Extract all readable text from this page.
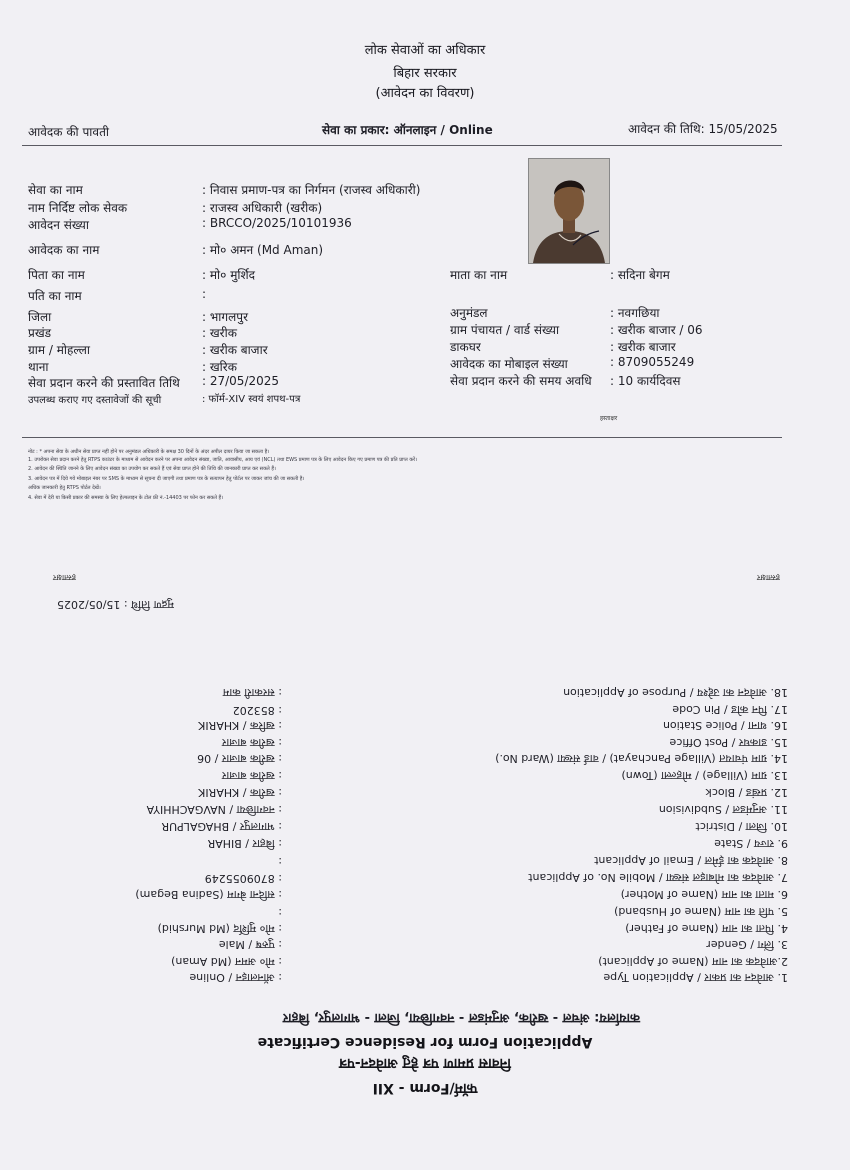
लोक सेवाओं का अधिकार
बिहार सरकार
(आवेदन का विवरण)
आवेदक की पावती	सेवा का प्रकार: ऑनलाइन / Online	आवेदन की तिथि: 15/05/2025
हस्ताक्षर
सेवा का नाम	: निवास प्रमाण-पत्र का निर्गमन (राजस्व अधिकारी)
नाम निर्दिष्ट लोक सेवक	: राजस्व अधिकारी (खरीक)
आवेदन संख्या	: BRCCO/2025/10101936
आवेदक का नाम	: मो० अमन (Md Aman)
पिता का नाम	: मो० मुर्शिद
पति का नाम	:
जिला	: भागलपुर
प्रखंड	: खरीक
ग्राम / मोहल्ला	: खरीक बाजार
थाना	: खरिक
सेवा प्रदान करने की प्रस्तावित तिथि : 27/05/2025
उपलब्ध कराए गए दस्तावेजों की सूची	: फॉर्म-XIV स्वयं शपथ-पत्र
माता का नाम	: सदिना बेगम
अनुमंडल	: नवगछिया
ग्राम पंचायत / वार्ड संख्या	: खरीक बाजार / 06
डाकघर	: खरीक बाजार
आवेदक का मोबाइल संख्या	: 8709055249
सेवा प्रदान करने की समय अवधि : 10 कार्यदिवस
नोट : * अपना सेवा के अधीन सेवा प्राप्त नहीं होने पर अनुमंडल अधिकारी के समक्ष 30 दिनों के अंदर अपील दायर किया जा सकता है।
1. उपरोक्त सेवा प्रदान करने हेतु RTPS काउंटर के माध्यम से आवेदन करने पर अपना आवेदन संख्या, जाति, आवासीय, आय एवं (NCL) तथा EWS प्रमाण पत्र के लिए आवेदन किए गए प्रमाण पत्र की प्रति प्राप्त करें।
2. आवेदन की स्थिति जानने के लिए आवेदन संख्या का उपयोग कर सकते हैं एवं सेवा प्राप्त होने की तिथि की जानकारी प्राप्त कर सकते हैं।
3. आवेदन पत्र में दिये गये मोबाइल नंबर पर SMS के माध्यम से सूचना दी जाएगी तथा प्रमाण पत्र के सत्यापन हेतु पोर्टल पर जाकर जांच की जा सकती है।
अधिक जानकारी हेतु RTPS पोर्टल देखें।
4. सेवा में देरी या किसी प्रकार की समस्या के लिए हेल्पलाइन के टोल फ्री नं.-14403 पर फोन कर सकते हैं।
हस्ताक्षर
हस्ताक्षर
मुद्रण तिथि : 15/05/2025
18. आवेदन का उद्देश्य / Purpose of Application
: सरकारी काम
17. पिन कोड / Pin Code
: 853202
16. थाना / Police Station
: खरिक / KHARIK
15. डाकघर / Post Office
: खरीक बाजार
14. ग्राम पंचायत (Village Panchayat) / वार्ड संख्या (Ward No.)
: खरीक बाजार / 06
13. ग्राम (Village) / मोहल्ला (Town)
: खरीक बाजार
12. प्रखंड / Block
: खरीक / KHARIK
11. अनुमंडल / Subdivision
: नवगछिया / NAVGACHHIYA
10. जिला / District
: भागलपुर / BHAGALPUR
9. राज्य / State
: बिहार / BIHAR
8. आवेदक का ईमेल / Email of Applicant
:
7. आवेदक का मोबाइल संख्या / Mobile No. of Applicant
: 8709055249
6. माता का नाम (Name of Mother)
: सदिना बेगम (Sadina Begam)
5. पति का नाम (Name of Husband)
:
4. पिता का नाम (Name of Father)
: मो० मुर्शिद (Md Murshid)
3. लिंग / Gender
: पुरुष / Male
2.आवेदक का नाम (Name of Applicant)
: मो० अमन (Md Aman)
1. आवेदन का प्रकार / Application Type
: ऑनलाइन / Online
कार्यालय: अंचल - खरीक, अनुमंडल - नवगछिया, जिला - भागलपुर, बिहार
Application Form for Residence Certificate
निवास प्रमाण पत्र हेतु आवेदन-पत्र
फॉर्म/Form - XII
